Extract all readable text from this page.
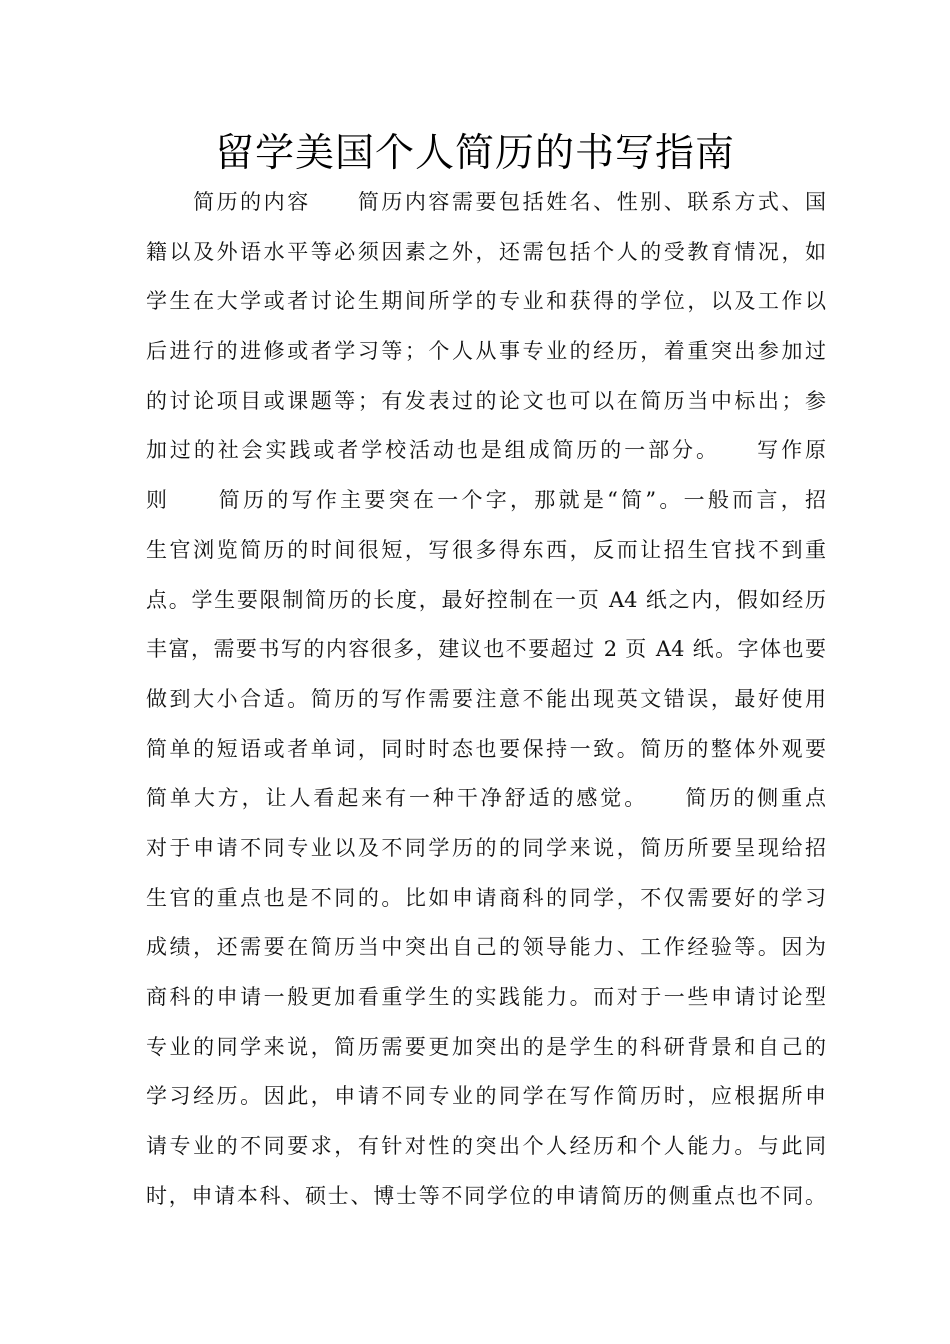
留学美国个人简历的书写指南
　　简历的内容　　简历内容需要包括姓名、性别、联系方式、国
籍以及外语水平等必须因素之外，还需包括个人的受教育情况，如
学生在大学或者讨论生期间所学的专业和获得的学位，以及工作以
后进行的进修或者学习等；个人从事专业的经历，着重突出参加过
的讨论项目或课题等；有发表过的论文也可以在简历当中标出；参
加过的社会实践或者学校活动也是组成简历的一部分。　　写作原
则　　简历的写作主要突在一个字，那就是“简”。一般而言，招
生官浏览简历的时间很短，写很多得东西，反而让招生官找不到重
点。学生要限制简历的长度，最好控制在一页 A4 纸之内，假如经历
丰富，需要书写的内容很多，建议也不要超过 2 页 A4 纸。字体也要
做到大小合适。简历的写作需要注意不能出现英文错误，最好使用
简单的短语或者单词，同时时态也要保持一致。简历的整体外观要
简单大方，让人看起来有一种干净舒适的感觉。　　简历的侧重点
对于申请不同专业以及不同学历的的同学来说，简历所要呈现给招
生官的重点也是不同的。比如申请商科的同学，不仅需要好的学习
成绩，还需要在简历当中突出自己的领导能力、工作经验等。因为
商科的申请一般更加看重学生的实践能力。而对于一些申请讨论型
专业的同学来说，简历需要更加突出的是学生的科研背景和自己的
学习经历。因此，申请不同专业的同学在写作简历时，应根据所申
请专业的不同要求，有针对性的突出个人经历和个人能力。与此同
时，申请本科、硕士、博士等不同学位的申请简历的侧重点也不同。
